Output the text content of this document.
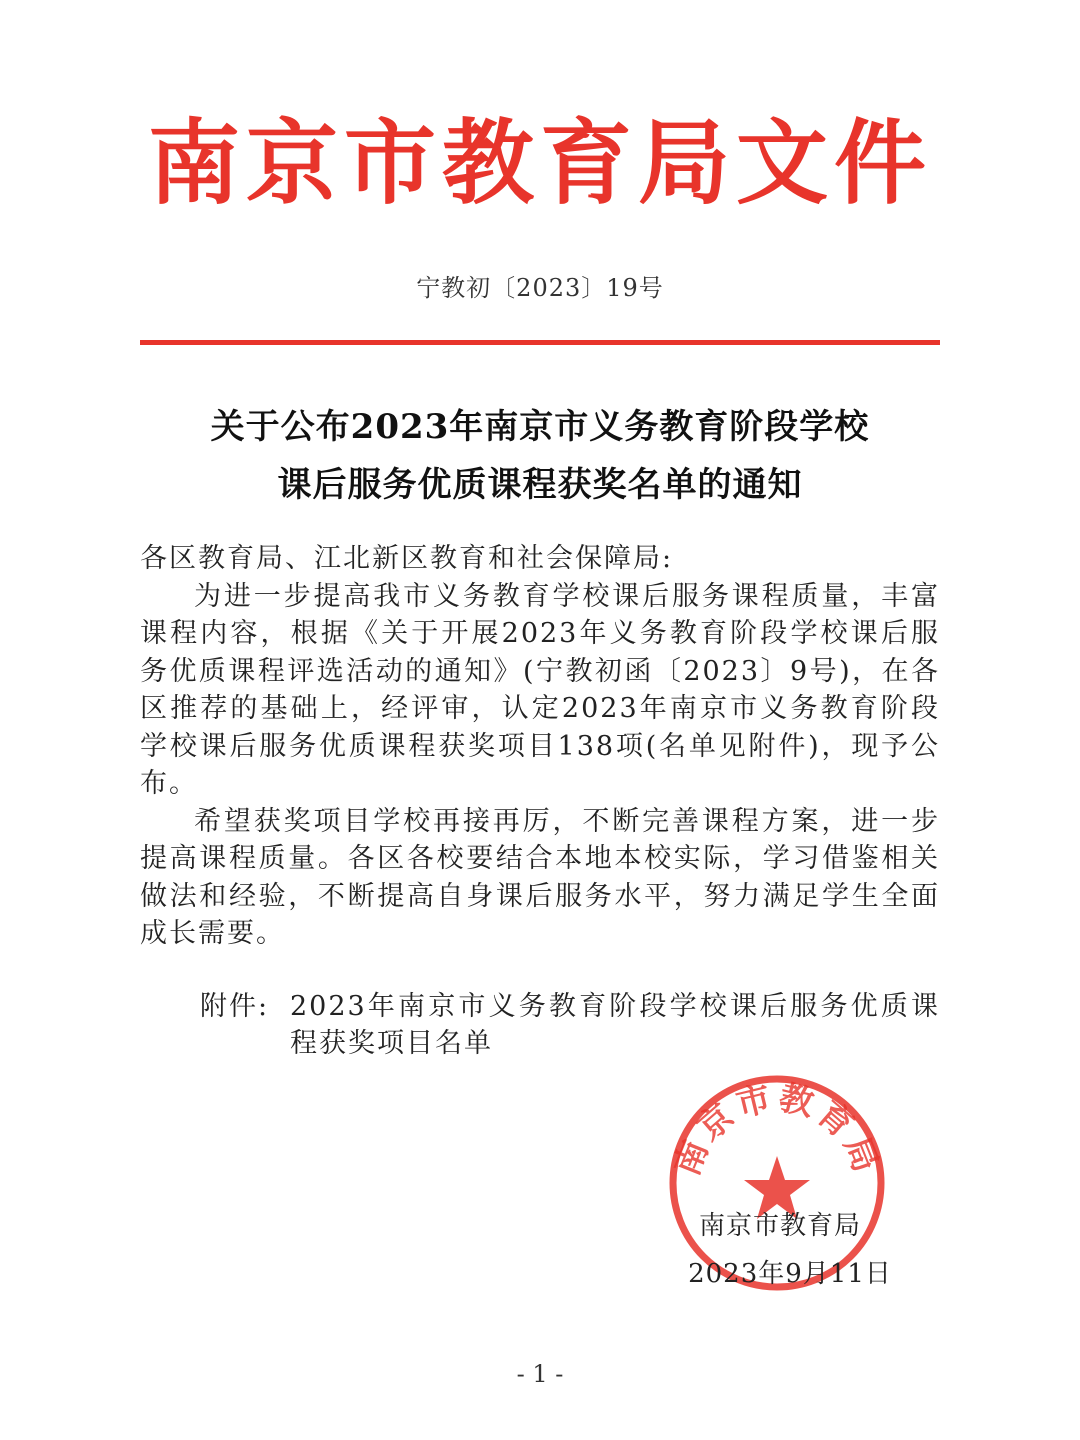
南京市教育局文件
宁教初〔2023〕19号
关于公布2023年南京市义务教育阶段学校
课后服务优质课程获奖名单的通知

各区教育局、江北新区教育和社会保障局:

为进一步提高我市义务教育学校课后服务课程质量，丰富课程内容，根据《关于开展2023年义务教育阶段学校课后服务优质课程评选活动的通知》(宁教初函〔2023〕9号)，在各区推荐的基础上，经评审，认定2023年南京市义务教育阶段学校课后服务优质课程获奖项目138项(名单见附件)，现予公布。

希望获奖项目学校再接再厉，不断完善课程方案，进一步提高课程质量。各区各校要结合本地本校实际，学习借鉴相关做法和经验，不断提高自身课后服务水平，努力满足学生全面成长需要。

附件: 2023年南京市义务教育阶段学校课后服务优质课程获奖项目名单
南京市教育局
南京市教育局
2023年9月11日
- 1 -
